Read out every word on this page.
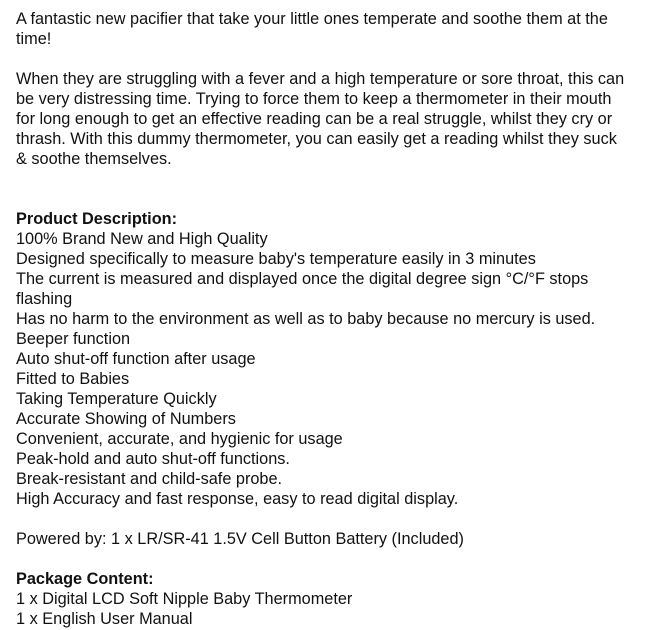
A fantastic new pacifier that take your little ones temperate and soothe them at the
time!
When they are struggling with a fever and a high temperature or sore throat, this can
be very distressing time. Trying to force them to keep a thermometer in their mouth
for long enough to get an effective reading can be a real struggle, whilst they cry or
thrash. With this dummy thermometer, you can easily get a reading whilst they suck
& soothe themselves.
Product Description:
100% Brand New and High Quality
Designed specifically to measure baby's temperature easily in 3 minutes
The current is measured and displayed once the digital degree sign °C/°F stops
flashing
Has no harm to the environment as well as to baby because no mercury is used.
Beeper function
Auto shut-off function after usage
Fitted to Babies
Taking Temperature Quickly
Accurate Showing of Numbers
Convenient, accurate, and hygienic for usage
Peak-hold and auto shut-off functions.
Break-resistant and child-safe probe.
High Accuracy and fast response, easy to read digital display.
Powered by: 1 x LR/SR-41 1.5V Cell Button Battery (Included)
Package Content:
1 x Digital LCD Soft Nipple Baby Thermometer
1 x English User Manual
